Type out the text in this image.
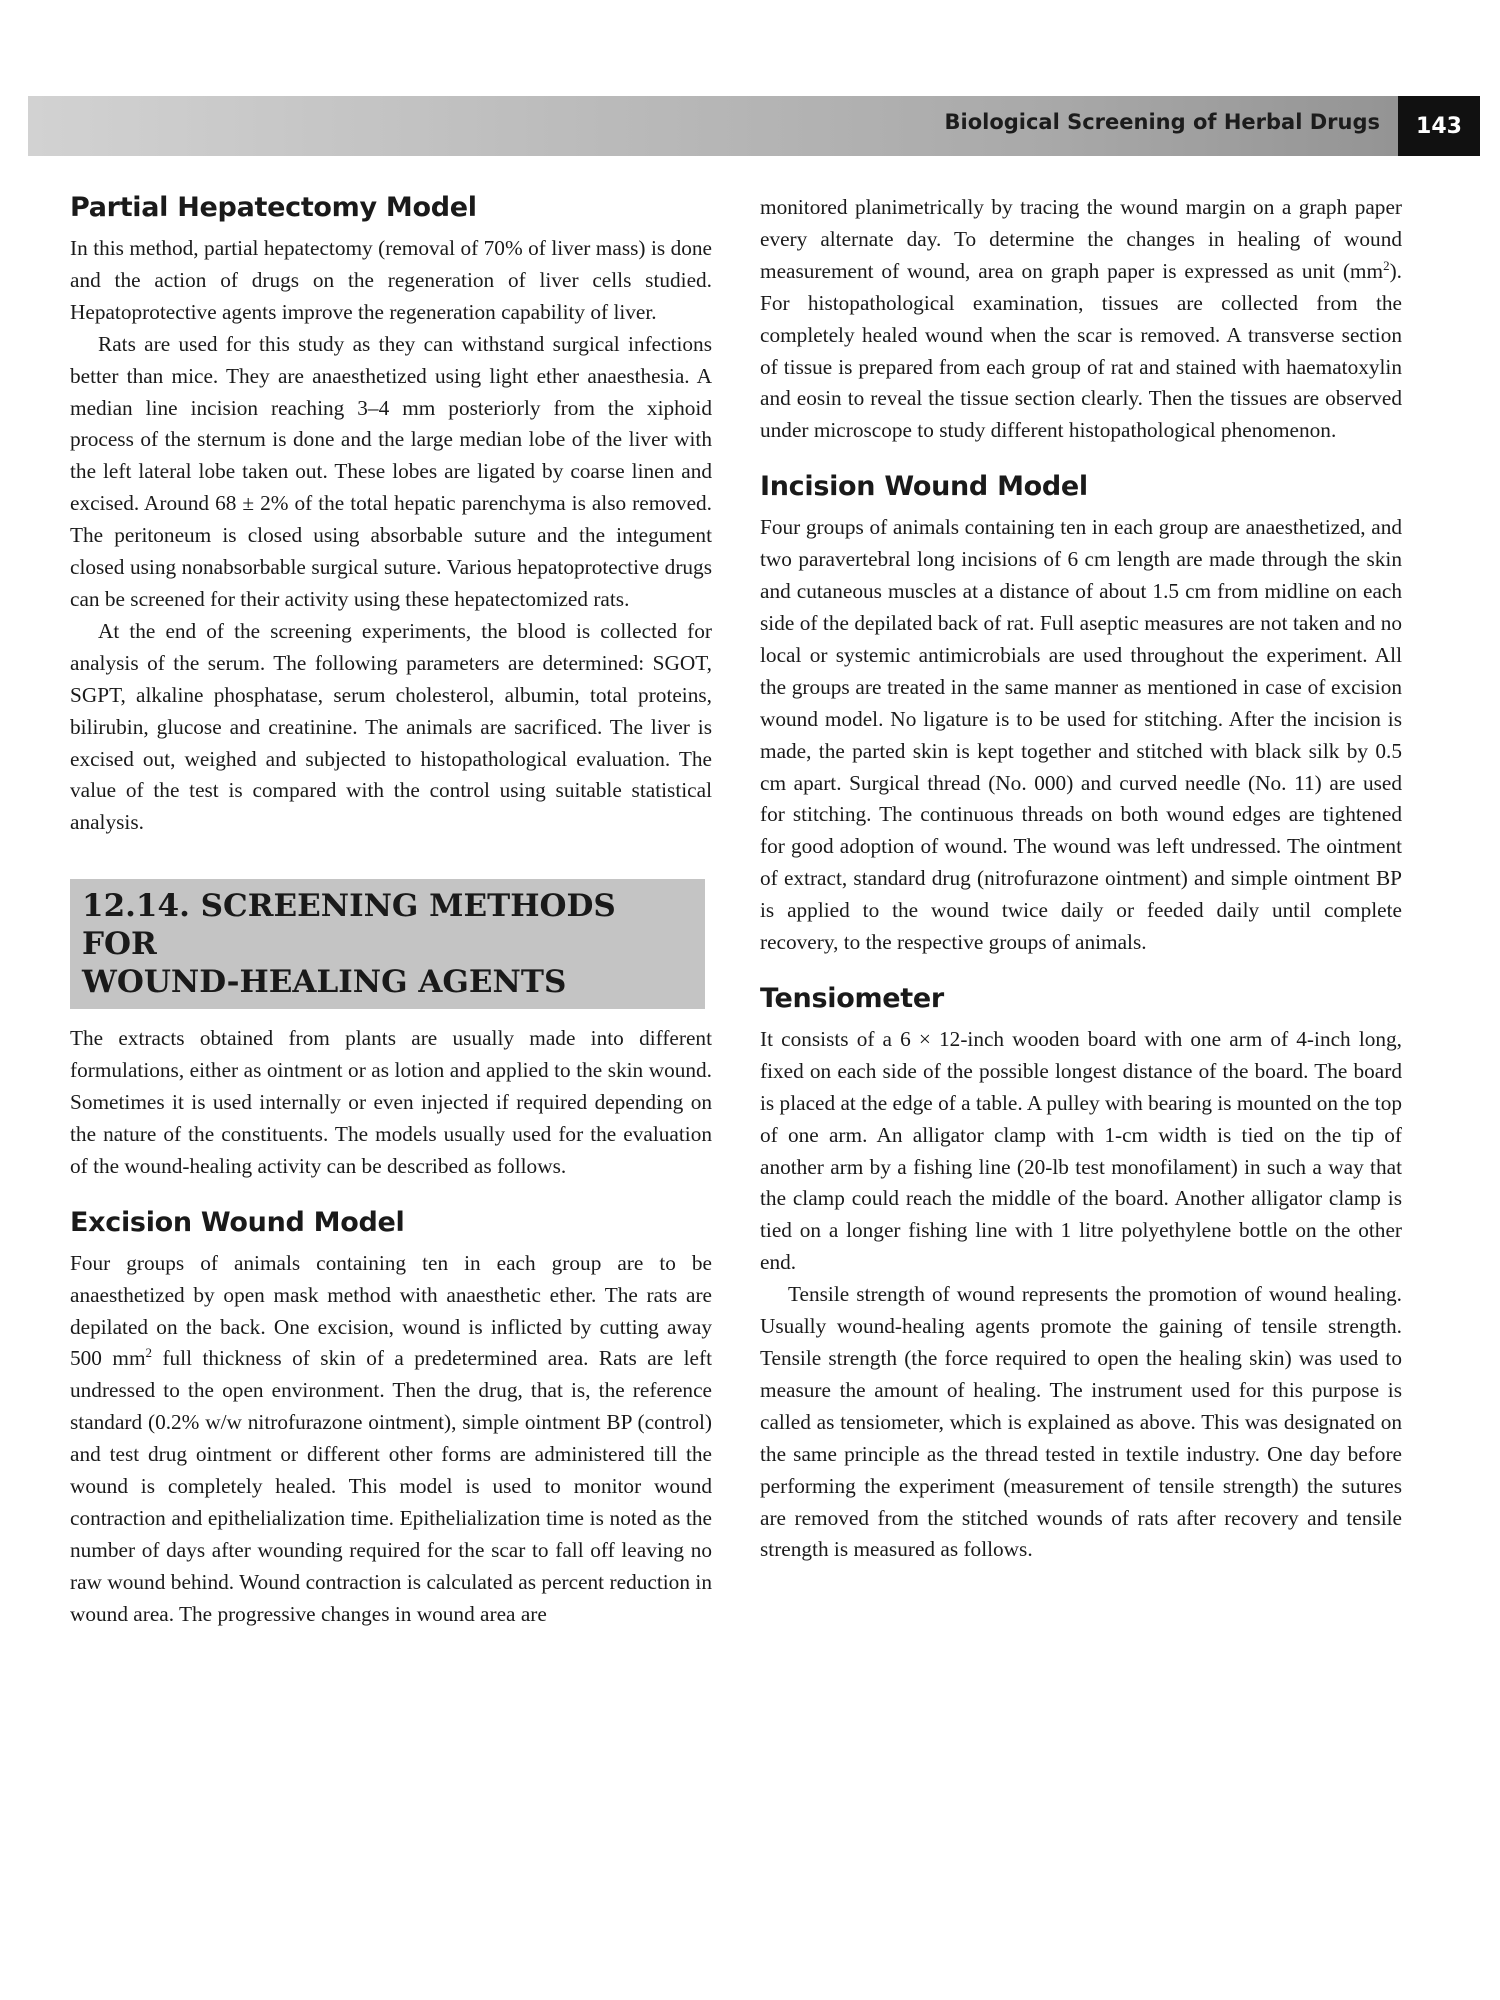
Biological Screening of Herbal Drugs	143
Partial Hepatectomy Model

In this method, partial hepatectomy (removal of 70% of liver mass) is done and the action of drugs on the regeneration of liver cells studied. Hepatoprotective agents improve the regeneration capability of liver.

Rats are used for this study as they can withstand surgical infections better than mice. They are anaesthetized using light ether anaesthesia. A median line incision reaching 3–4 mm posteriorly from the xiphoid process of the sternum is done and the large median lobe of the liver with the left lateral lobe taken out. These lobes are ligated by coarse linen and excised. Around 68 ± 2% of the total hepatic parenchyma is also removed. The peritoneum is closed using absorbable suture and the integument closed using nonabsorbable surgical suture. Various hepatoprotective drugs can be screened for their activity using these hepatectomized rats.

At the end of the screening experiments, the blood is collected for analysis of the serum. The following parameters are determined: SGOT, SGPT, alkaline phosphatase, serum cholesterol, albumin, total proteins, bilirubin, glucose and creatinine. The animals are sacrificed. The liver is excised out, weighed and subjected to histopathological evaluation. The value of the test is compared with the control using suitable statistical analysis.

12.14. SCREENING METHODS FOR
WOUND-HEALING AGENTS

The extracts obtained from plants are usually made into different formulations, either as ointment or as lotion and applied to the skin wound. Sometimes it is used internally or even injected if required depending on the nature of the constituents. The models usually used for the evaluation of the wound-healing activity can be described as follows.

Excision Wound Model

Four groups of animals containing ten in each group are to be anaesthetized by open mask method with anaesthetic ether. The rats are depilated on the back. One excision, wound is inflicted by cutting away 500 $mm^2$ full thickness of skin of a predetermined area. Rats are left undressed to the open environment. Then the drug, that is, the reference standard (0.2% w/w nitrofurazone ointment), simple ointment BP (control) and test drug ointment or different other forms are administered till the wound is completely healed. This model is used to monitor wound contraction and epithelialization time. Epithelialization time is noted as the number of days after wounding required for the scar to fall off leaving no raw wound behind. Wound contraction is calculated as percent reduction in wound area. The progressive changes in wound area are

monitored planimetrically by tracing the wound margin on a graph paper every alternate day. To determine the changes in healing of wound measurement of wound, area on graph paper is expressed as unit $(mm^2)$. For histopathological examination, tissues are collected from the completely healed wound when the scar is removed. A transverse section of tissue is prepared from each group of rat and stained with haematoxylin and eosin to reveal the tissue section clearly. Then the tissues are observed under microscope to study different histopathological phenomenon.

Incision Wound Model

Four groups of animals containing ten in each group are anaesthetized, and two paravertebral long incisions of 6 cm length are made through the skin and cutaneous muscles at a distance of about 1.5 cm from midline on each side of the depilated back of rat. Full aseptic measures are not taken and no local or systemic antimicrobials are used throughout the experiment. All the groups are treated in the same manner as mentioned in case of excision wound model. No ligature is to be used for stitching. After the incision is made, the parted skin is kept together and stitched with black silk by 0.5 cm apart. Surgical thread (No. 000) and curved needle (No. 11) are used for stitching. The continuous threads on both wound edges are tightened for good adoption of wound. The wound was left undressed. The ointment of extract, standard drug (nitrofurazone ointment) and simple ointment BP is applied to the wound twice daily or feeded daily until complete recovery, to the respective groups of animals.

Tensiometer

It consists of a 6 × 12-inch wooden board with one arm of 4-inch long, fixed on each side of the possible longest distance of the board. The board is placed at the edge of a table. A pulley with bearing is mounted on the top of one arm. An alligator clamp with 1-cm width is tied on the tip of another arm by a fishing line (20-lb test monofilament) in such a way that the clamp could reach the middle of the board. Another alligator clamp is tied on a longer fishing line with 1 litre polyethylene bottle on the other end.

Tensile strength of wound represents the promotion of wound healing. Usually wound-healing agents promote the gaining of tensile strength. Tensile strength (the force required to open the healing skin) was used to measure the amount of healing. The instrument used for this purpose is called as tensiometer, which is explained as above. This was designated on the same principle as the thread tested in textile industry. One day before performing the experiment (measurement of tensile strength) the sutures are removed from the stitched wounds of rats after recovery and tensile strength is measured as follows.
